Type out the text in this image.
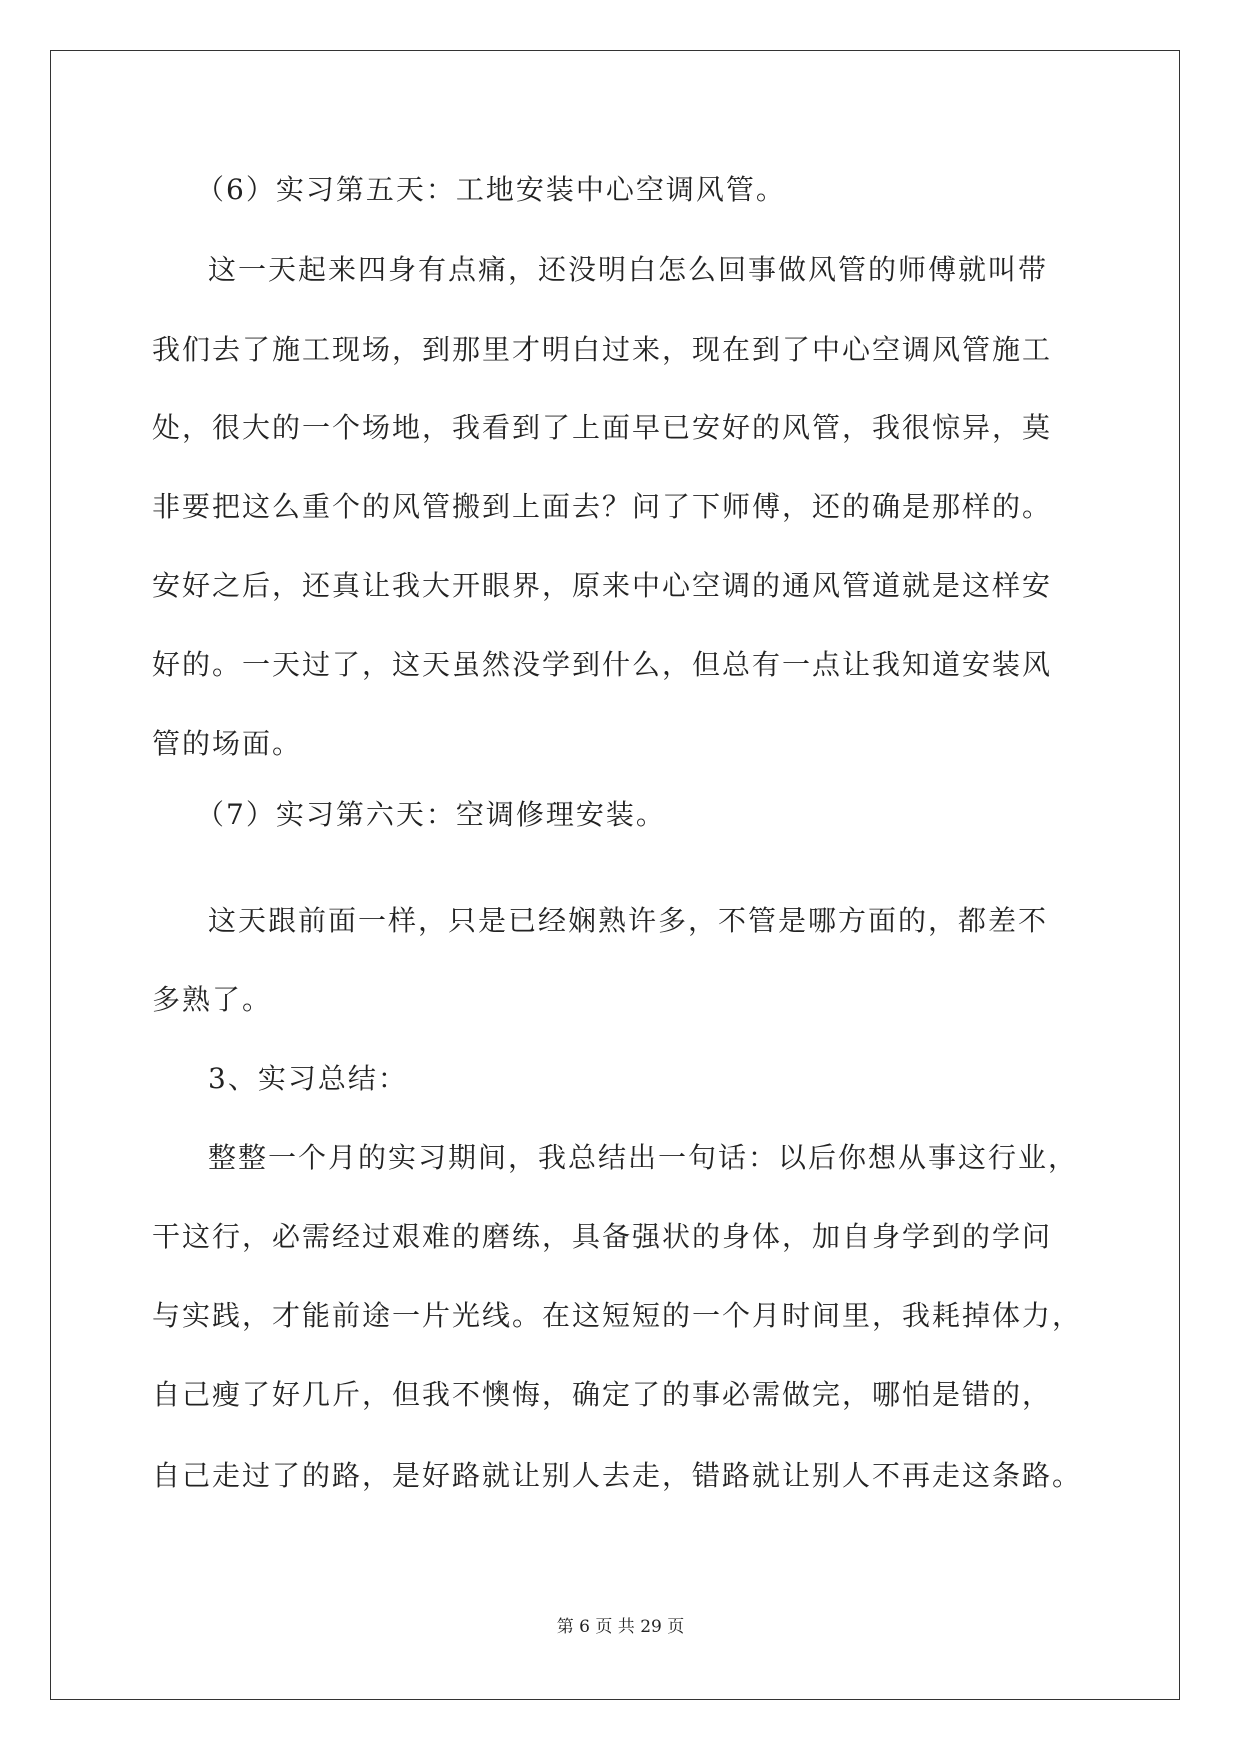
（6）实习第五天：工地安装中心空调风管。

这一天起来四身有点痛，还没明白怎么回事做风管的师傅就叫带

我们去了施工现场，到那里才明白过来，现在到了中心空调风管施工

处，很大的一个场地，我看到了上面早已安好的风管，我很惊异，莫

非要把这么重个的风管搬到上面去？问了下师傅，还的确是那样的。

安好之后，还真让我大开眼界，原来中心空调的通风管道就是这样安

好的。一天过了，这天虽然没学到什么，但总有一点让我知道安装风

管的场面。

（7）实习第六天：空调修理安装。

这天跟前面一样，只是已经娴熟许多，不管是哪方面的，都差不

多熟了。

3、实习总结：

整整一个月的实习期间，我总结出一句话：以后你想从事这行业，

干这行，必需经过艰难的磨练，具备强状的身体，加自身学到的学问

与实践，才能前途一片光线。在这短短的一个月时间里，我耗掉体力，

自己瘦了好几斤，但我不懊悔，确定了的事必需做完，哪怕是错的，

自己走过了的路，是好路就让别人去走，错路就让别人不再走这条路。

第 6 页 共 29 页
